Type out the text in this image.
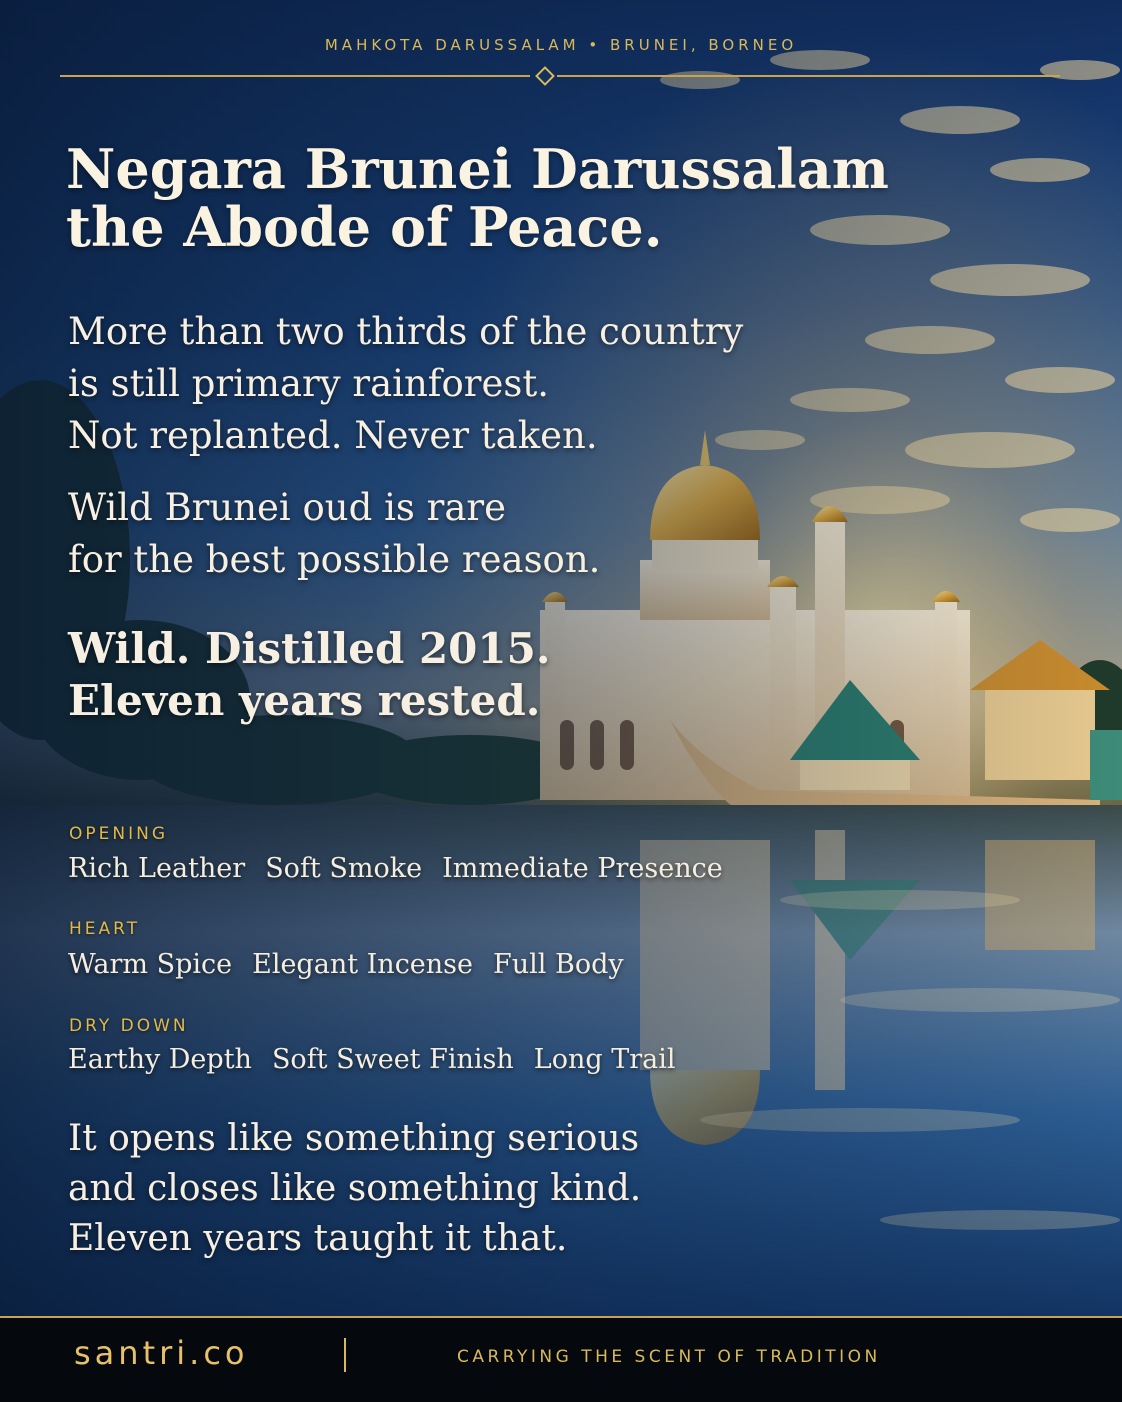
MAHKOTA DARUSSALAM • BRUNEI, BORNEO
Negara Brunei Darussalam
the Abode of Peace.

More than two thirds of the country
is still primary rainforest.
Not replanted. Never taken.

Wild Brunei oud is rare
for the best possible reason.

Wild. Distilled 2015.
Eleven years rested.

OPENING
Rich Leather Soft Smoke Immediate Presence
HEART
Warm Spice Elegant Incense Full Body
DRY DOWN
Earthy Depth Soft Sweet Finish Long Trail

It opens like something serious
and closes like something kind.
Eleven years taught it that.

santri.co	CARRYING THE SCENT OF TRADITION
